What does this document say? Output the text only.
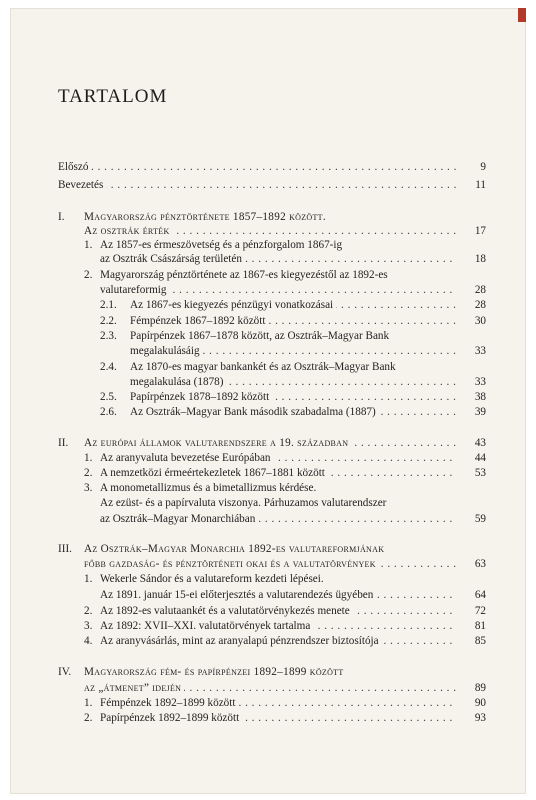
TARTALOM
Előszó . . .	9
Bevezetés . . .	11
I. Magyarország pénztörténete 1857–1892 között.
Az osztrák érték . . .	17
1. Az 1857-es érmeszövetség és a pénzforgalom 1867-ig
az Osztrák Császárság területén . . .	18
2. Magyarország pénztörténete az 1867-es kiegyezéstől az 1892-es
valutareformig . . .	28
2.1. Az 1867-es kiegyezés pénzügyi vonatkozásai . . .	28
2.2. Fémpénzek 1867–1892 között . . .	30
2.3. Papírpénzek 1867–1878 között, az Osztrák–Magyar Bank
megalakulásáig . . .	33
2.4. Az 1870-es magyar bankankét és az Osztrák–Magyar Bank
megalakulása (1878) . . .	33
2.5. Papírpénzek 1878–1892 között . . .	38
2.6. Az Osztrák–Magyar Bank második szabadalma (1887) . . .	39
II. Az európai államok valutarendszere a 19. században . . .	43
1. Az aranyvaluta bevezetése Európában . . .	44
2. A nemzetközi érmeértekezletek 1867–1881 között . . .	53
3. A monometallizmus és a bimetallizmus kérdése.
Az ezüst- és a papírvaluta viszonya. Párhuzamos valutarendszer
az Osztrák–Magyar Monarchiában . . .	59
III. Az Osztrák–Magyar Monarchia 1892-es valutareformjának
főbb gazdaság- és pénztörténeti okai és a valutatörvények . . .	63
1. Wekerle Sándor és a valutareform kezdeti lépései.
Az 1891. január 15-ei előterjesztés a valutarendezés ügyében . . .	64
2. Az 1892-es valutaankét és a valutatörvénykezés menete . . .	72
3. Az 1892: XVII–XXI. valutatörvények tartalma . . .	81
4. Az aranyvásárlás, mint az aranyalapú pénzrendszer biztosítója . . .	85
IV. Magyarország fém- és papírpénzei 1892–1899 között
az „átmenet” idején . . .	89
1. Fémpénzek 1892–1899 között . . .	90
2. Papírpénzek 1892–1899 között . . .	93
